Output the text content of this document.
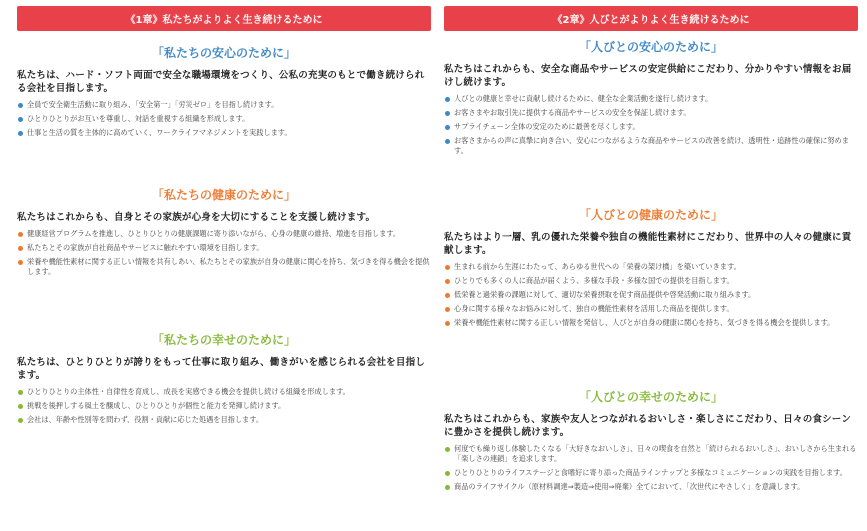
《1章》私たちがよりよく生き続けるために
「私たちの安心のために」
私たちは、ハード・ソフト両面で安全な職場環境をつくり、公私の充実のもとで働き続けられる会社を目指します。
全員で安全衛生活動に取り組み、「安全第一」「労災ゼロ」を目指し続けます。
ひとりひとりがお互いを尊重し、対話を重視する組織を形成します。
仕事と生活の質を主体的に高めていく、ワークライフマネジメントを実践します。
「私たちの健康のために」
私たちはこれからも、自身とその家族が心身を大切にすることを支援し続けます。
健康経営プログラムを推進し、ひとりひとりの健康課題に寄り添いながら、心身の健康の維持、増進を目指します。
私たちとその家族が自社商品やサービスに触れやすい環境を目指します。
栄養や機能性素材に関する正しい情報を共有しあい、私たちとその家族が自身の健康に関心を持ち、気づきを得る機会を提供します。
「私たちの幸せのために」
私たちは、ひとりひとりが誇りをもって仕事に取り組み、働きがいを感じられる会社を目指します。
ひとりひとりの主体性・自律性を育成し、成長を実感できる機会を提供し続ける組織を形成します。
挑戦を後押しする風土を醸成し、ひとりひとりが個性と能力を発揮し続けます。
会社は、年齢や性別等を問わず、役割・貢献に応じた処遇を目指します。
《2章》人びとがよりよく生き続けるために
「人びとの安心のために」
私たちはこれからも、安全な商品やサービスの安定供給にこだわり、分かりやすい情報をお届けし続けます。
人びとの健康と幸せに貢献し続けるために、健全な企業活動を遂行し続けます。
お客さまやお取引先に提供する商品やサービスの安全を保証し続けます。
サプライチェーン全体の安定のために最善を尽くします。
お客さまからの声に真摯に向き合い、安心につながるような商品やサービスの改善を続け、透明性・追跡性の確保に努めます。
「人びとの健康のために」
私たちはより一層、乳の優れた栄養や独自の機能性素材にこだわり、世界中の人々の健康に貢献します。
生まれる前から生涯にわたって、あらゆる世代への「栄養の架け橋」を築いていきます。
ひとりでも多くの人に商品が届くよう、多様な手段・多様な国での提供を目指します。
低栄養と過栄養の課題に対して、適切な栄養摂取を促す商品提供や啓発活動に取り組みます。
心身に関する様々なお悩みに対して、独自の機能性素材を活用した商品を提供します。
栄養や機能性素材に関する正しい情報を発信し、人びとが自身の健康に関心を持ち、気づきを得る機会を提供します。
「人びとの幸せのために」
私たちはこれからも、家族や友人とつながれるおいしさ・楽しさにこだわり、日々の食シーンに豊かさを提供し続けます。
何度でも繰り返し体験したくなる「大好きなおいしさ」、日々の喫食を自然と「続けられるおいしさ」、おいしさから生まれる「楽しさの連鎖」を追求します。
ひとりひとりのライフステージと食嗜好に寄り添った商品ラインナップと多様なコミュニケーションの実践を目指します。
商品のライフサイクル（原材料調達⇒製造⇒使用⇒廃棄）全てにおいて、「次世代にやさしく」を意識します。
